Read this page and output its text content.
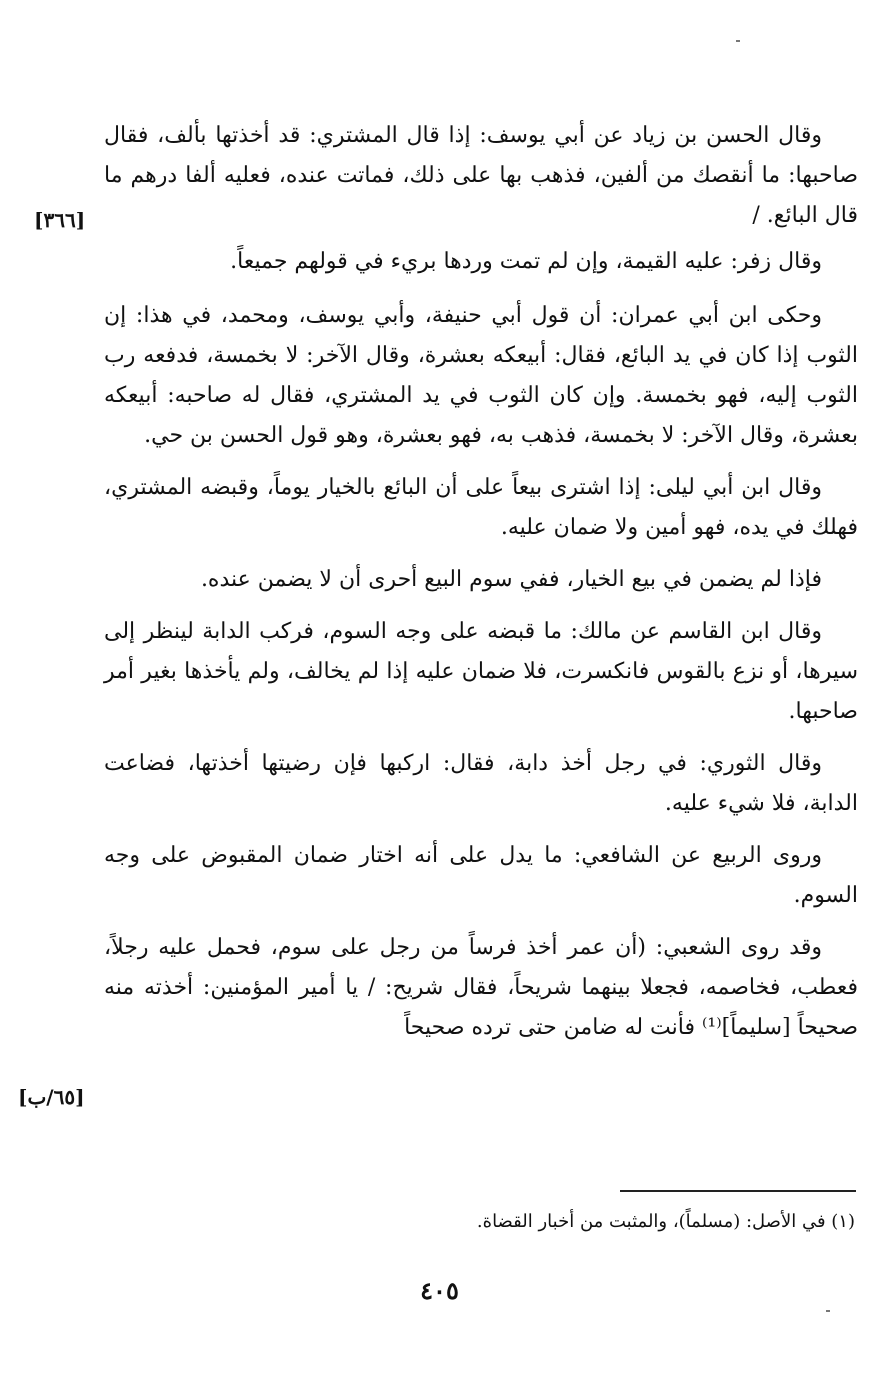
وقال الحسن بن زياد عن أبي يوسف: إذا قال المشتري: قد أخذتها بألف، فقال صاحبها: ما أنقصك من ألفين، فذهب بها على ذلك، فماتت عنده، فعليه ألفا درهم ما قال البائع. /

وقال زفر: عليه القيمة، وإن لم تمت وردها بريء في قولهم جميعاً.

وحكى ابن أبي عمران: أن قول أبي حنيفة، وأبي يوسف، ومحمد، في هذا: إن الثوب إذا كان في يد البائع، فقال: أبيعكه بعشرة، وقال الآخر: لا بخمسة، فدفعه رب الثوب إليه، فهو بخمسة. وإن كان الثوب في يد المشتري، فقال له صاحبه: أبيعكه بعشرة، وقال الآخر: لا بخمسة، فذهب به، فهو بعشرة، وهو قول الحسن بن حي.

وقال ابن أبي ليلى: إذا اشترى بيعاً على أن البائع بالخيار يوماً، وقبضه المشتري، فهلك في يده، فهو أمين ولا ضمان عليه.

فإذا لم يضمن في بيع الخيار، ففي سوم البيع أحرى أن لا يضمن عنده.

وقال ابن القاسم عن مالك: ما قبضه على وجه السوم، فركب الدابة لينظر إلى سيرها، أو نزع بالقوس فانكسرت، فلا ضمان عليه إذا لم يخالف، ولم يأخذها بغير أمر صاحبها.

وقال الثوري: في رجل أخذ دابة، فقال: اركبها فإن رضيتها أخذتها، فضاعت الدابة، فلا شيء عليه.

وروى الربيع عن الشافعي: ما يدل على أنه اختار ضمان المقبوض على وجه السوم.

وقد روى الشعبي: (أن عمر أخذ فرساً من رجل على سوم، فحمل عليه رجلاً، فعطب، فخاصمه، فجعلا بينهما شريحاً، فقال شريح: / يا أمير المؤمنين: أخذته منه صحيحاً [سليماً]⁽¹⁾ فأنت له ضامن حتى ترده صحيحاً

[٣٦٦]
[٦٥/ب]
(١) في الأصل: (مسلماً)، والمثبت من أخبار القضاة.
٤٠٥
